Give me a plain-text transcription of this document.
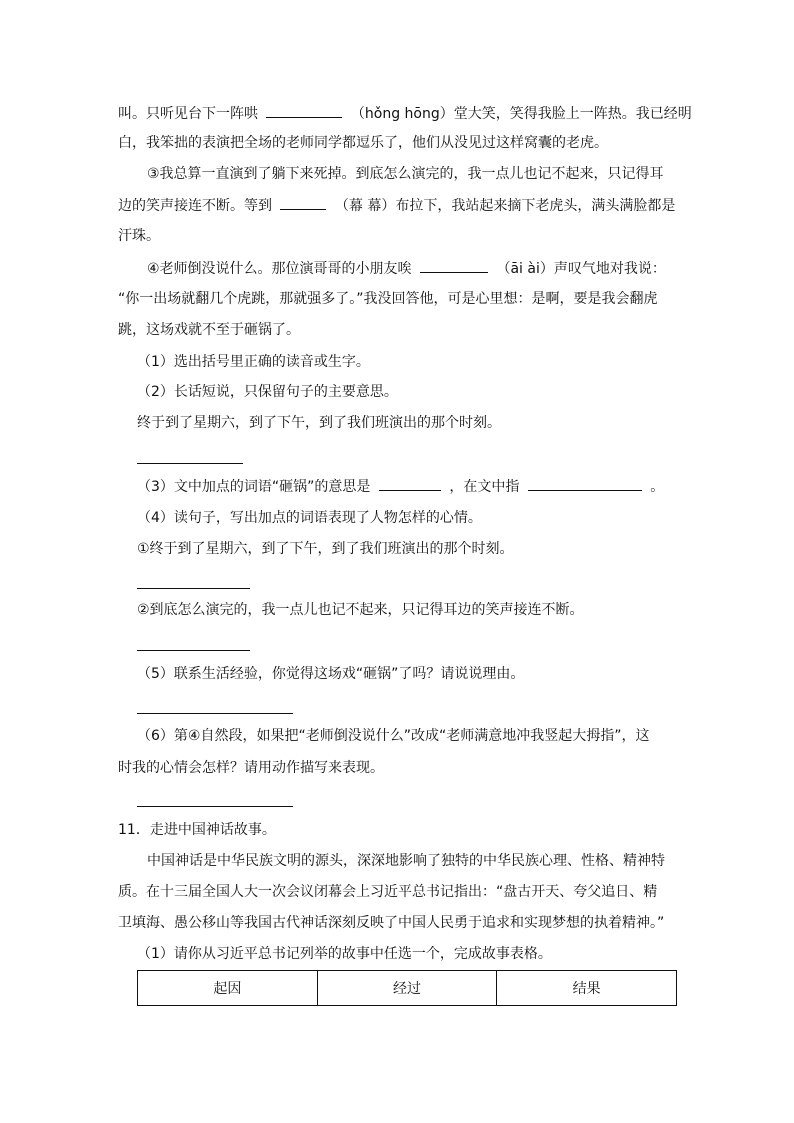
叫。只听见台下一阵哄	（hǒng hōng）堂大笑，笑得我脸上一阵热。我已经明
白，我笨拙的表演把全场的老师同学都逗乐了，他们从没见过这样窝囊的老虎。
③我总算一直演到了躺下来死掉。到底怎么演完的，我一点儿也记不起来，只记得耳
边的笑声接连不断。等到	（幕 幕）布拉下，我站起来摘下老虎头，满头满脸都是
汗珠。
④老师倒没说什么。那位演哥哥的小朋友唉	（āi ài）声叹气地对我说：
“你一出场就翻几个虎跳，那就强多了。”我没回答他，可是心里想：是啊，要是我会翻虎
跳，这场戏就不至于砸锅了。
（1）选出括号里正确的读音或生字。
（2）长话短说，只保留句子的主要意思。
终于到了星期六，到了下午，到了我们班演出的那个时刻。
（3）文中加点的词语“砸锅”的意思是	，在文中指	。
（4）读句子，写出加点的词语表现了人物怎样的心情。
①终于到了星期六，到了下午，到了我们班演出的那个时刻。
②到底怎么演完的，我一点儿也记不起来，只记得耳边的笑声接连不断。
（5）联系生活经验，你觉得这场戏“砸锅”了吗？请说说理由。
（6）第④自然段，如果把“老师倒没说什么”改成“老师满意地冲我竖起大拇指”，这
时我的心情会怎样？请用动作描写来表现。
11．走进中国神话故事。
中国神话是中华民族文明的源头，深深地影响了独特的中华民族心理、性格、精神特
质。在十三届全国人大一次会议闭幕会上习近平总书记指出：“盘古开天、夸父追日、精
卫填海、愚公移山等我国古代神话深刻反映了中国人民勇于追求和实现梦想的执着精神。”
（1）请你从习近平总书记列举的故事中任选一个，完成故事表格。
起因	经过	结果
